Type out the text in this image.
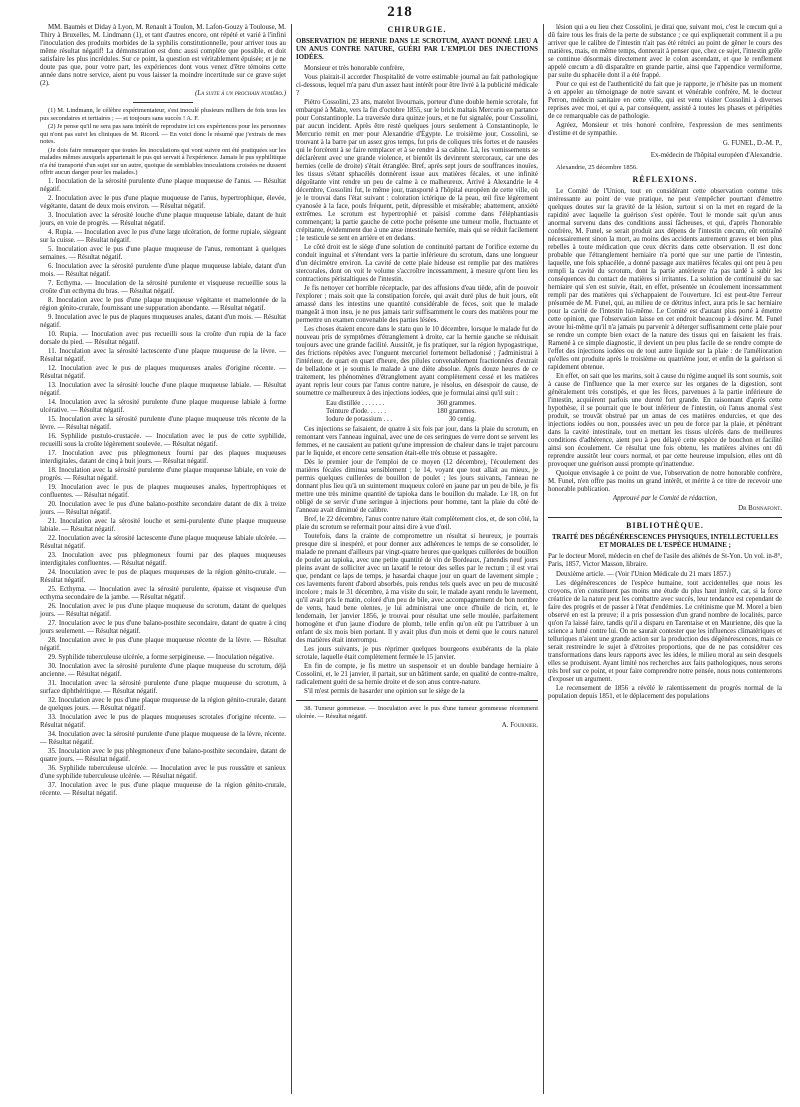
218

MM. Baumès et Diday à Lyon, M. Renault à Toulon, M. Lafon-Gouzy à Toulouse, M. Thiry à Bruxelles, M. Lindmann (1), et tant d'autres encore, ont répété et varié à l'infini l'inoculation des produits morbides de la syphilis constitutionnelle, pour arriver tous au même résultat négatif! La démonstration est donc aussi complète que possible, et doit satisfaire les plus incrédules. Sur ce point, la question est véritablement épuisée; et je ne doute pas que, pour votre part, les expériences dont vous venez d'être témoins cette année dans notre service, aient pu vous laisser la moindre incertitude sur ce grave sujet (2).

(La suite à un prochain numéro.)

(1) M. Lindmann, le célèbre expérimentateur, s'est inoculé plusieurs milliers de fois tous les pus secondaires et tertiaires ; — et toujours sans succès ! A. F.

(2) Je pense qu'il ne sera pas sans intérêt de reproduire ici ces expériences pour les personnes qui n'ont pas suivi les cliniques de M. Ricord. — En voici donc le résumé que j'extrais de mes notes.

(Je dois faire remarquer que toutes les inoculations qui vont suivre ont été pratiquées sur les malades mêmes auxquels appartenait le pus qui servait à l'expérience. Jamais le pus syphilitique n'a été transporté d'un sujet sur un autre, quoique de semblables inoculations croisées ne dussent offrir aucun danger pour les malades.)

1. Inoculation de la sérosité purulente d'une plaque muqueuse de l'anus. — Résultat négatif.

2. Inoculation avec le pus d'une plaque muqueuse de l'anus, hypertrophique, élevée, végétante, datant de deux mois environ. — Résultat négatif.

3. Inoculation avec la sérosité louche d'une plaque muqueuse labiale, datant de huit jours, en voie de progrès. — Résultat négatif.

4. Rupia. — Inoculation avec le pus d'une large ulcération, de forme rupiale, siégeant sur la cuisse. — Résultat négatif.

5. Inoculation avec le pus d'une plaque muqueuse de l'anus, remontant à quelques semaines. — Résultat négatif.

6. Inoculation avec la sérosité purulente d'une plaque muqueuse labiale, datant d'un mois. — Résultat négatif.

7. Ecthyma. — Inoculation de la sérosité purulente et visqueuse recueillie sous la croûte d'un ecthyma du bras. — Résultat négatif.

8. Inoculation avec le pus d'une plaque muqueuse végétante et mamelonnée de la région génito-crurale, fournissant une suppuration abondante. — Résultat négatif.

9. Inoculation avec le pus de plaques muqueuses anales, datant d'un mois. — Résultat négatif.

10. Rupia. — Inoculation avec pus recueilli sous la croûte d'un rupia de la face dorsale du pied. — Résultat négatif.

11. Inoculation avec la sérosité lactescente d'une plaque muqueuse de la lèvre. — Résultat négatif.

12. Inoculation avec le pus de plaques muqueuses anales d'origine récente. — Résultat négatif.

13. Inoculation avec la sérosité louche d'une plaque muqueuse labiale. — Résultat négatif.

14. Inoculation avec la sérosité purulente d'une plaque muqueuse labiale à forme ulcérative. — Résultat négatif.

15. Inoculation avec la sérosité purulente d'une plaque muqueuse très récente de la lèvre. — Résultat négatif.

16. Syphilide pustulo-crustacée. — Inoculation avec le pus de cette syphilide, recueilli sous la croûte légèrement soulevée. — Résultat négatif.

17. Inoculation avec pus phlegmoneux fourni par des plaques muqueuses interdigitales, datant de cinq à huit jours. — Résultat négatif.

18. Inoculation avec la sérosité purulente d'une plaque muqueuse labiale, en voie de progrès. — Résultat négatif.

19. Inoculation avec le pus de plaques muqueuses anales, hypertrophiques et confluentes. — Résultat négatif.

20. Inoculation avec le pus d'une balano-posthite secondaire datant de dix à treize jours. — Résultat négatif.

21. Inoculation avec la sérosité louche et semi-purulente d'une plaque muqueuse labiale. — Résultat négatif.

22. Inoculation avec la sérosité lactescente d'une plaque muqueuse labiale ulcérée. — Résultat négatif.

23. Inoculation avec pus phlegmoneux fourni par des plaques muqueuses interdigitales confluentes. — Résultat négatif.

24. Inoculation avec le pus de plaques muqueuses de la région génito-crurale. — Résultat négatif.

25. Ecthyma. — Inoculation avec la sérosité purulente, épaisse et visqueuse d'un ecthyma secondaire de la jambe. — Résultat négatif.

26. Inoculation avec le pus d'une plaque muqueuse du scrotum, datant de quelques jours. — Résultat négatif.

27. Inoculation avec le pus d'une balano-posthite secondaire, datant de quatre à cinq jours seulement. — Résultat négatif.

28. Inoculation avec le pus d'une plaque muqueuse récente de la lèvre. — Résultat négatif.

29. Syphilide tuberculeuse ulcérée, a forme serpigineuse. — Inoculation négative.

30. Inoculation avec la sérosité purulente d'une plaque muqueuse du scrotum, déjà ancienne. — Résultat négatif.

31. Inoculation avec la sérosité purulente d'une plaque muqueuse du scrotum, à surface diphthéritique. — Résultat négatif.

32. Inoculation avec le pus d'une plaque muqueuse de la région génito-crurale, datant de quelques jours. — Résultat négatif.

33. Inoculation avec le pus de plaques muqueuses scrotales d'origine récente. — Résultat négatif.

34. Inoculation avec la sérosité purulente d'une plaque muqueuse de la lèvre, récente. — Résultat négatif.

35. Inoculation avec le pus phlegmoneux d'une balano-posthite secondaire, datant de quatre jours. — Résultat négatif.

36. Syphilide tuberculeuse ulcérée. — Inoculation avec le pus roussâtre et sanieux d'une syphilide tuberculeuse ulcérée. — Résultat négatif.

37. Inoculation avec le pus d'une plaque muqueuse de la région génito-crurale, récente. — Résultat négatif.

CHIRURGIE.

OBSERVATION DE HERNIE DANS LE SCROTUM, AYANT DONNÉ LIEU A UN ANUS CONTRE NATURE, GUÉRI PAR L'EMPLOI DES INJECTIONS IODÉES.

Monsieur et très honorable confrère,

Vous plairait-il accorder l'hospitalité de votre estimable journal au fait pathologique ci-dessous, lequel m'a paru d'un assez haut intérêt pour être livré à la publicité médicale ?

Piétro Cossolini, 23 ans, matelot livournais, porteur d'une double hernie scrotale, fut embarqué à Malte, vers la fin d'octobre 1855, sur le brick maltais Mercurio en partance pour Constantinople. La traversée dura quinze jours, et ne fut signalée, pour Cossolini, par aucun incident. Après être resté quelques jours seulement à Constantinople, le Mercurio remit en mer pour Alexandrie d'Égypte. Le troisième jour, Cossolini, se trouvant à la barre par un assez gros temps, fut pris de coliques très fortes et de nausées qui le forcèrent à se faire remplacer et à se rendre à sa cabine. Là, les vomissements se déclarèrent avec une grande violence, et bientôt ils devinrent stercoraux, car une des hernies (celle de droite) s'était étranglée. Bref, après sept jours de souffrances inouïes, les tissus s'étant sphacélés donnèrent issue aux matières fécales, et une infinité dégoûtante vint rendre un peu de calme à ce malheureux. Arrivé à Alexandrie le 4 décembre, Cossolini fut, le même jour, transporté à l'hôpital européen de cette ville, où je le trouvai dans l'état suivant : coloration ictérique de la peau, œil fixe légèrement cyanosée à la face, pouls fréquent, petit, dépressible et misérable; abattement, anxiété extrêmes. Le scrotum est hypertrophié et paisisl comme dans l'éléphantiasis commençant; la partie gauche de cette poche présente une tumeur molle, fluctuante et crépitante, évidemment due à une anse intestinale herniée, mais qui se réduit facilement ; le testicule se sent en arrière et en dedans.

Le côté droit est le siége d'une solution de continuité partant de l'orifice externe du conduit inguinal et s'étendant vers la partie inférieure du scrotum, dans une longueur d'un décimètre environ. La cavité de cette plaie hideuse est remplie par des matières stercorales, dont on voit le volume s'accroître incessamment, à mesure qu'ont lieu les contractions péristaltiques de l'intestin.

Je fis nettoyer cet horrible réceptacle, par des affusions d'eau tiède, afin de pouvoir l'explorer ; mais soit que la constipation forcée, qui avait duré plus de huit jours, eût amassé dans les intestins une quantité considérable de fèces, soit que le malade mangeât à mon insu, je ne pus jamais tarir suffisamment le cours des matières pour me permettre un examen convenable des parties lésées.

Les choses étaient encore dans le statu quo le 10 décembre, lorsque le malade fut de nouveau pris de symptômes d'étranglement à droite, car la hernie gauche se réduisait toujours avec une grande facilité. Aussitôt, je fis pratiquer, sur la région hypogastrique, des frictions répétées avec l'onguent mercuriel fortement belladonisé ; j'administrai à l'intérieur, de quart en quart d'heure, des pilules convenablement fractionnées d'extrait de belladone et je soumis le malade à une diète absolue. Après douze heures de ce traitement, les phénomènes d'étranglement ayant complètement cessé et les matières ayant repris leur cours par l'anus contre nature, je résolus, en désespoir de cause, de soumettre ce malheureux à des injections iodées, que je formulai ainsi qu'il suit :

Eau distillée . . . . . . .	360 grammes.
Teinture d'iode. . . . . .	180 grammes.
Iodure de potassium . . .	30 centig.

Ces injections se faisaient, de quatre à six fois par jour, dans la plaie du scrotum, en remontant vers l'anneau inguinal, avec une de ces seringues de verre dont se servent les femmes, et ne causaient au patient qu'une impression de chaleur dans le trajet parcouru par le liquide, et encore cette sensation était-elle très obtuse et passagère.

Dès le premier jour de l'emploi de ce moyen (12 décembre), l'écoulement des matières fécales diminua sensiblement ; le 14, voyant que tout allait au mieux, je permis quelques cuillerées de bouillon de poulet ; les jours suivants, l'anneau ne donnant plus lieu qu'à un suintement muqueux coloré en jaune par un peu de bile, je fis mettre une très minime quantité de tapioka dans le bouillon du malade. Le 18, on fut obligé de se servir d'une seringue à injections pour homme, tant la plaie du côté de l'anneau avait diminué de calibre.

Bref, le 22 décembre, l'anus contre nature était complètement clos, et, de son côté, la plaie du scrotum se refermait pour ainsi dire à vue d'œil.

Toutefois, dans la crainte de compromettre un résultat si heureux, je pourrais presque dire si inespéré, et pour donner aux adhérences le temps de se consolider, le malade ne prenant d'ailleurs par vingt-quatre heures que quelques cuillerées de bouillon de poulet au tapioka, avec une petite quantité de vin de Bordeaux, j'attendis neuf jours pleins avant de solliciter avec un laxatif le retour des selles par le rectum ; il est vrai que, pendant ce laps de temps, je hasardai chaque jour un quart de lavement simple ; ces lavements furent d'abord absorbés, puis rendus tels quels avec un peu de mucosité incolore ; mais le 31 décembre, à ma visite du soir, le malade ayant rendu le lavement, qu'il avait pris le matin, coloré d'un peu de bile, avec accompagnement de bon nombre de vents, haud bene olentes, je lui administrai une once d'huile de ricin, et, le lendemain, 1er janvier 1856, je trouvai pour résultat une selle moulée, parfaitement homogène et d'un jaune d'iodure de plomb, telle enfin qu'on eût pu l'attribuer à un enfant de six mois bien portant. Il y avait plus d'un mois et demi que le cours naturel des matières était interrompu.

Les jours suivants, je pus réprimer quelques bourgeons exubérants de la plaie scrotale, laquelle était complètement fermée le 15 janvier.

En fin de compte, je fis mettre un suspensoir et un double bandage herniaire à Cossolini, et, le 21 janvier, il partait, sur un bâtiment sarde, en qualité de contre-maître, radicalement guéri de sa hernie droite et de son anus contre-nature.

S'il m'est permis de hasarder une opinion sur le siége de la

38. Tumeur gommeuse. — Inoculation avec le pus d'une tumeur gommeuse récemment ulcérée. — Résultat négatif.

A. Fournier.

lésion qui a eu lieu chez Cossolini, je dirai que, suivant moi, c'est le cœcum qui a dû faire tous les frais de la perte de substance ; ce qui expliquerait comment il a pu arriver que le calibre de l'intestin n'ait pas été rétréci au point de gêner le cours des matières, mais, en même temps, donnerait à penser que, chez ce sujet, l'intestin grêle se continue désormais directement avec le colon ascendant, et que le renflement appelé cœcum a dû disparaître en grande partie, ainsi que l'appendice vermiforme, par suite du sphacèle dont il a été frappé.

Pour ce qui est de l'authenticité du fait que je rapporte, je n'hésite pas un moment à en appeler au témoignage de notre savant et vénérable confrère, M. le docteur Perron, médecin sanitaire en cette ville, qui est venu visiter Cossolini à diverses reprises avec moi, et qui a, par conséquent, assisté à toutes les phases et péripéties de ce remarquable cas de pathologie.

Agréez, Monsieur et très honoré confrère, l'expression de mes sentiments d'estime et de sympathie.

G. FUNEL, D.-M. P.,

Ex-médecin de l'hôpital européen d'Alexandrie.

Alexandrie, 25 décembre 1856.

RÉFLEXIONS.

Le Comité de l'Union, tout en considérant cette observation comme très intéressante au point de vue pratique, ne peut s'empêcher pourtant d'émettre quelques doutes sur la gravité de la lésion, surtout si on la met en regard de la rapidité avec laquelle la guérison s'est opérée. Tout le monde sait qu'un anus anormal survenu dans des conditions aussi fâcheuses, et qui, d'après l'honorable confrère, M. Funel, se serait produit aux dépens de l'intestin cœcum, eût entraîné nécessairement sinon la mort, au moins des accidents autrement graves et bien plus rebelles à toute médication que ceux décrits dans cette observation. Il est donc probable que l'étranglement herniaire n'a porté que sur une partie de l'intestin, laquelle, une fois sphacélée, a donné passage aux matières fécales qui ont peu à peu rempli la cavité du scrotum, dont la partie antérieure n'a pas tardé à subir les conséquences du contact de matières si irritantes. La solution de continuité du sac herniaire qui s'en est suivie, était, en effet, présentée un écoulement incessamment rempli par des matières qui s'échappaient de l'ouverture. Ici est peut-être l'erreur présumée de M. Funel, qui, au milieu de ce détritus infect, aura pris le sac herniaire pour la cavité de l'intestin lui-même. Le Comité est d'autant plus porté à émettre cette opinion, que l'observation laisse en cet endroit beaucoup à désirer. M. Funel avoue lui-même qu'il n'a jamais pu parvenir à déterger suffisamment cette plaie pour se rendre un compte bien exact de la nature des tissus qui en faisaient les frais. Ramené à ce simple diagnostic, il devient un peu plus facile de se rendre compte de l'effet des injections iodées ou de tout autre liquide sur la plaie : de l'amélioration qu'elles ont produite après le troisième ou quatrième jour, et enfin de la guérison si rapidement obtenue.

En effet, on sait que les marins, soit à cause du régime auquel ils sont soumis, soit à cause de l'influence que la mer exerce sur les organes de la digestion, sont généralement très constipés, et que les fèces, parvenues à la partie inférieure de l'intestin, acquièrent parfois une dureté fort grande. En raisonnant d'après cette hypothèse, il se pourrait que le bout inférieur de l'intestin, où l'anus anomal s'est produit, se trouvât obstrué par un amas de ces matières endurcies, et que des injections iodées ou non, poussées avec un peu de force par la plaie, et pénétrant dans la cavité intestinale, tout en mettant les tissus ulcérés dans de meilleures conditions d'adhérence, aient peu à peu délayé cette espèce de bouchon et facilité ainsi son écoulement. Ce résultat une fois obtenu, les matières alvines ont dû reprendre aussitôt leur cours normal, et par cette heureuse impulsion, elles ont dû provoquer une guérison aussi prompte qu'inattendue.

Quoique envisagée à ce point de vue, l'observation de notre honorable confrère, M. Funel, n'en offre pas moins un grand intérêt, et mérite à ce titre de recevoir une honorable publication.

Approuvé par le Comité de rédaction,

Dr Bonnafont.

BIBLIOTHÈQUE.

TRAITÉ DES DÉGÉNÉRESCENCES PHYSIQUES, INTELLECTUELLES ET MORALES DE L'ESPÈCE HUMAINE ;

Par le docteur Morel, médecin en chef de l'asile des aliénés de St-Yon. Un vol. in-8°, Paris, 1857, Victor Masson, libraire.

Deuxième article. — (Voir l'Union Médicale du 21 mars 1857.)

Les dégénérescences de l'espèce humaine, tout accidentelles que nous les croyons, n'en constituent pas moins une étude du plus haut intérêt, car, si la force créatrice de la nature peut les combattre avec succès, leur tendance est cependant de faire des progrès et de passer à l'état d'endémies. Le crétinisme que M. Morel a bien observé en est la preuve; il a pris possession d'un grand nombre de localités, parce qu'on l'a laissé faire, tandis qu'il a disparu en Tarentaise et en Maurienne, dès que la science a lutté contre lui. On ne saurait contester que les influences climatériques et telluriques n'aient une grande action sur la production des dégénérescences, mais ce serait restreindre le sujet à d'étroites proportions, que de ne pas considérer ces transformations dans leurs rapports avec les idées, le milieu moral au sein desquels elles se produisent. Ayant limité nos recherches aux faits pathologiques, nous serons très bref sur ce point, et pour faire comprendre notre pensée, nous nous contenterons d'exposer un argument.

Le recensement de 1856 a révélé le ralentissement du progrès normal de la population depuis 1851, et le déplacement des populations
